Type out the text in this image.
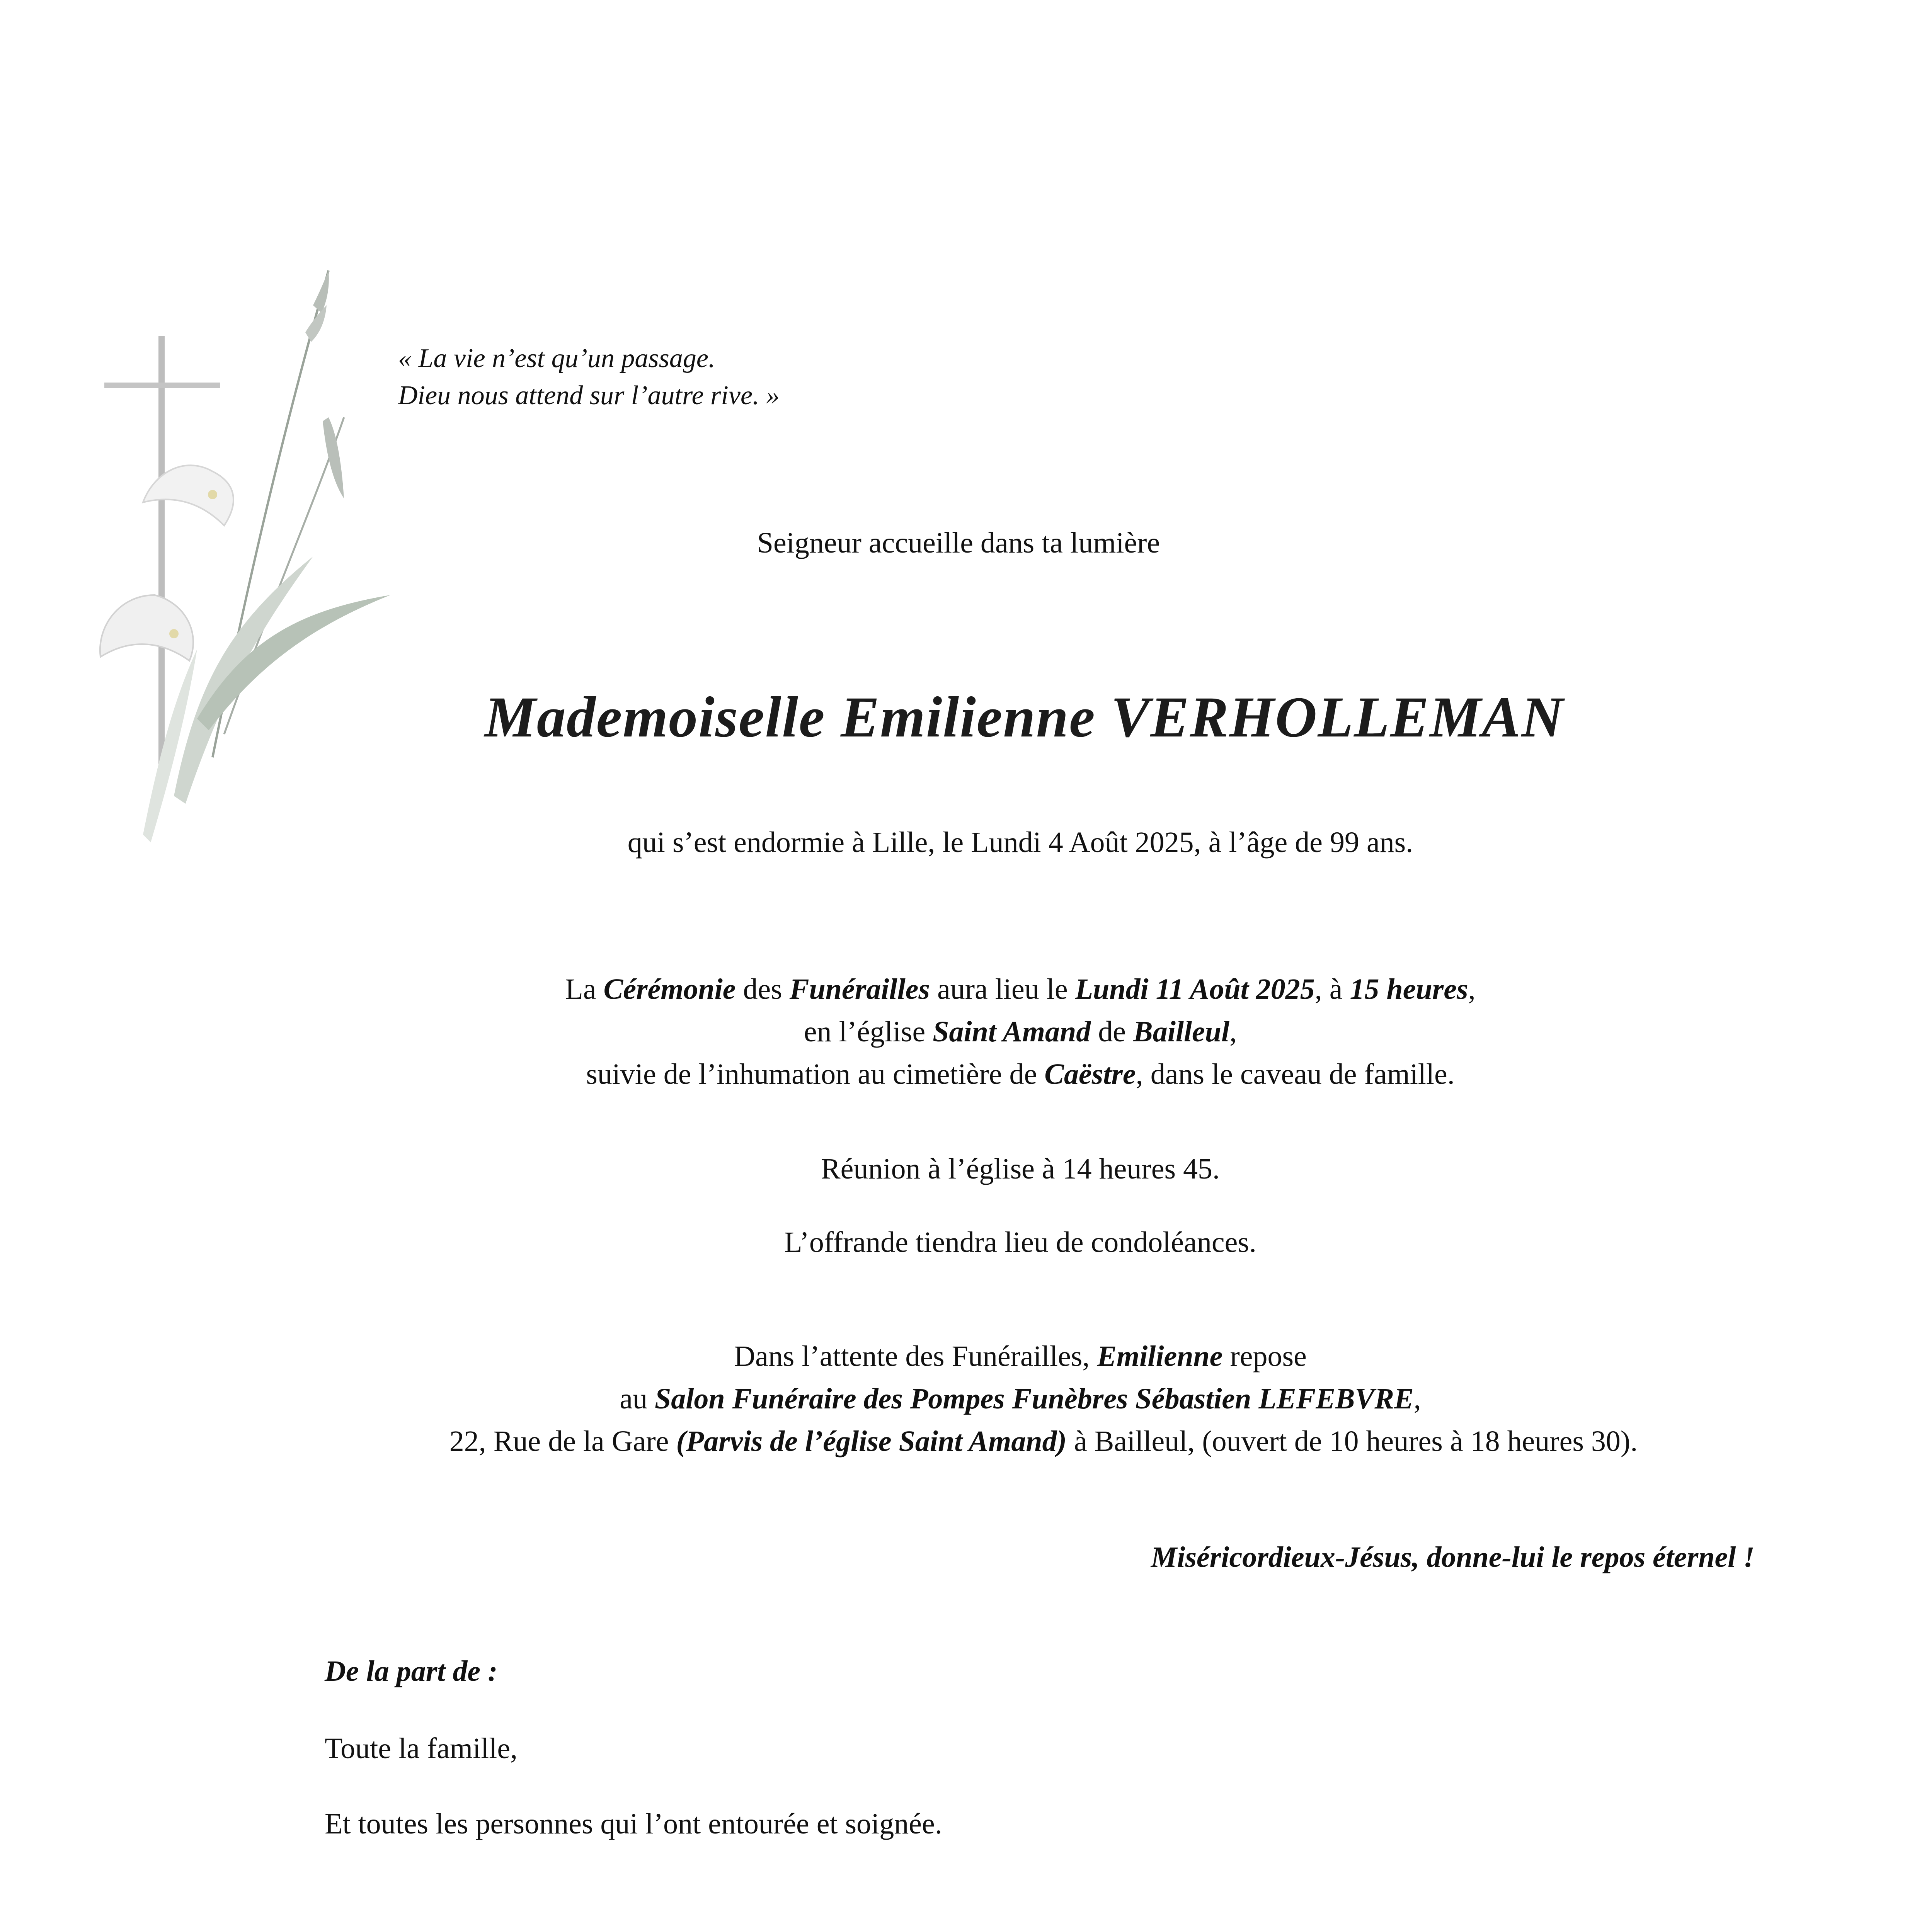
« La vie n’est qu’un passage.
Dieu nous attend sur l’autre rive. »
Seigneur accueille dans ta lumière
Mademoiselle Emilienne VERHOLLEMAN
qui s’est endormie à Lille, le Lundi 4 Août 2025, à l’âge de 99 ans.
La Cérémonie des Funérailles aura lieu le Lundi 11 Août 2025, à 15 heures,
en l’église Saint Amand de Bailleul,
suivie de l’inhumation au cimetière de Caëstre, dans le caveau de famille.
Réunion à l’église à 14 heures 45.
L’offrande tiendra lieu de condoléances.
Dans l’attente des Funérailles, Emilienne repose
au Salon Funéraire des Pompes Funèbres Sébastien LEFEBVRE,
22, Rue de la Gare (Parvis de l’église Saint Amand) à Bailleul, (ouvert de 10 heures à 18 heures 30).
Miséricordieux-Jésus, donne-lui le repos éternel !
De la part de :
Toute la famille,
Et toutes les personnes qui l’ont entourée et soignée.
